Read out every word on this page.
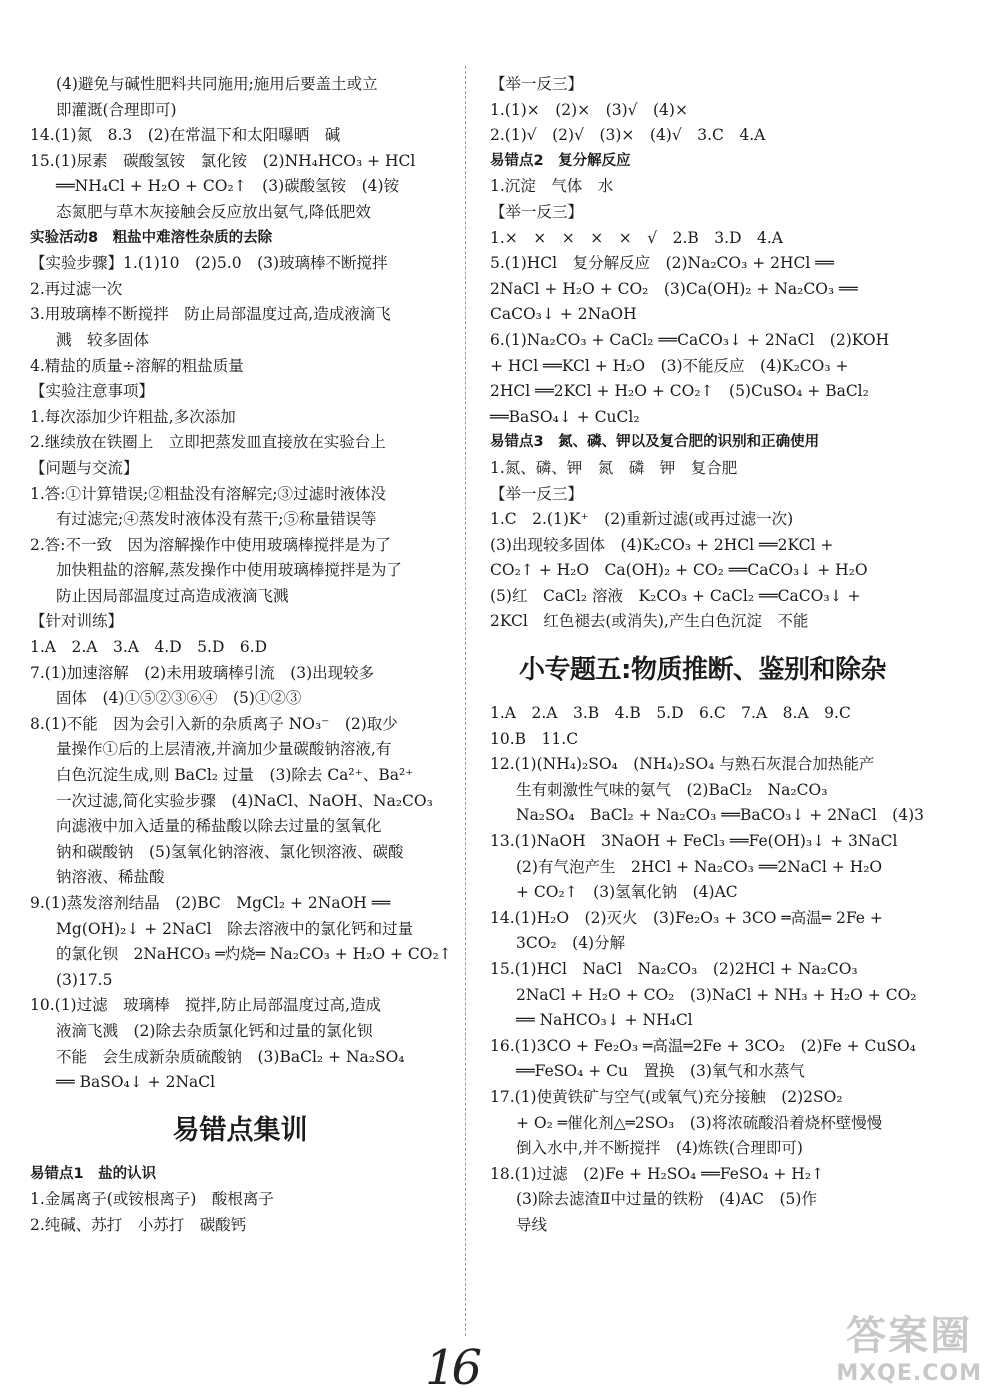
(4)避免与碱性肥料共同施用;施用后要盖土或立
即灌溉(合理即可)
14.(1)氮　8.3　(2)在常温下和太阳曝晒　碱
15.(1)尿素　碳酸氢铵　氯化铵　(2)NH₄HCO₃ + HCl
══NH₄Cl + H₂O + CO₂↑　(3)碳酸氢铵　(4)铵
态氮肥与草木灰接触会反应放出氨气,降低肥效
实验活动8　粗盐中难溶性杂质的去除
【实验步骤】1.(1)10　(2)5.0　(3)玻璃棒不断搅拌
2.再过滤一次
3.用玻璃棒不断搅拌　防止局部温度过高,造成液滴飞
溅　较多固体
4.精盐的质量÷溶解的粗盐质量
【实验注意事项】
1.每次添加少许粗盐,多次添加
2.继续放在铁圈上　立即把蒸发皿直接放在实验台上
【问题与交流】
1.答:①计算错误;②粗盐没有溶解完;③过滤时液体没
有过滤完;④蒸发时液体没有蒸干;⑤称量错误等
2.答:不一致　因为溶解操作中使用玻璃棒搅拌是为了
加快粗盐的溶解,蒸发操作中使用玻璃棒搅拌是为了
防止因局部温度过高造成液滴飞溅
【针对训练】
1.A　2.A　3.A　4.D　5.D　6.D
7.(1)加速溶解　(2)未用玻璃棒引流　(3)出现较多
固体　(4)①⑤②③⑥④　(5)①②③
8.(1)不能　因为会引入新的杂质离子 NO₃⁻　(2)取少
量操作①后的上层清液,并滴加少量碳酸钠溶液,有
白色沉淀生成,则 BaCl₂ 过量　(3)除去 Ca²⁺、Ba²⁺
一次过滤,简化实验步骤　(4)NaCl、NaOH、Na₂CO₃
向滤液中加入适量的稀盐酸以除去过量的氢氧化
钠和碳酸钠　(5)氢氧化钠溶液、氯化钡溶液、碳酸
钠溶液、稀盐酸
9.(1)蒸发溶剂结晶　(2)BC　MgCl₂ + 2NaOH ══
Mg(OH)₂↓ + 2NaCl　除去溶液中的氯化钙和过量
的氯化钡　2NaHCO₃ ═灼烧═ Na₂CO₃ + H₂O + CO₂↑
(3)17.5
10.(1)过滤　玻璃棒　搅拌,防止局部温度过高,造成
液滴飞溅　(2)除去杂质氯化钙和过量的氯化钡
不能　会生成新杂质硫酸钠　(3)BaCl₂ + Na₂SO₄
══ BaSO₄↓ + 2NaCl
易错点集训
易错点1　盐的认识
1.金属离子(或铵根离子)　酸根离子
2.纯碱、苏打　小苏打　碳酸钙
【举一反三】
1.(1)×　(2)×　(3)√　(4)×
2.(1)√　(2)√　(3)×　(4)√　3.C　4.A
易错点2　复分解反应
1.沉淀　气体　水
【举一反三】
1.×　×　×　×　×　√　2.B　3.D　4.A
5.(1)HCl　复分解反应　(2)Na₂CO₃ + 2HCl ══
2NaCl + H₂O + CO₂　(3)Ca(OH)₂ + Na₂CO₃ ══
CaCO₃↓ + 2NaOH
6.(1)Na₂CO₃ + CaCl₂ ══CaCO₃↓ + 2NaCl　(2)KOH
+ HCl ══KCl + H₂O　(3)不能反应　(4)K₂CO₃ +
2HCl ══2KCl + H₂O + CO₂↑　(5)CuSO₄ + BaCl₂
══BaSO₄↓ + CuCl₂
易错点3　氮、磷、钾以及复合肥的识别和正确使用
1.氮、磷、钾　氮　磷　钾　复合肥
【举一反三】
1.C　2.(1)K⁺　(2)重新过滤(或再过滤一次)
(3)出现较多固体　(4)K₂CO₃ + 2HCl ══2KCl +
CO₂↑ + H₂O　Ca(OH)₂ + CO₂ ══CaCO₃↓ + H₂O
(5)红　CaCl₂ 溶液　K₂CO₃ + CaCl₂ ══CaCO₃↓ +
2KCl　红色褪去(或消失),产生白色沉淀　不能
小专题五:物质推断、鉴别和除杂
1.A　2.A　3.B　4.B　5.D　6.C　7.A　8.A　9.C
10.B　11.C
12.(1)(NH₄)₂SO₄　(NH₄)₂SO₄ 与熟石灰混合加热能产
生有刺激性气味的氨气　(2)BaCl₂　Na₂CO₃
Na₂SO₄　BaCl₂ + Na₂CO₃ ══BaCO₃↓ + 2NaCl　(4)3
13.(1)NaOH　3NaOH + FeCl₃ ══Fe(OH)₃↓ + 3NaCl
(2)有气泡产生　2HCl + Na₂CO₃ ══2NaCl + H₂O
+ CO₂↑　(3)氢氧化钠　(4)AC
14.(1)H₂O　(2)灭火　(3)Fe₂O₃ + 3CO ═高温═ 2Fe +
3CO₂　(4)分解
15.(1)HCl　NaCl　Na₂CO₃　(2)2HCl + Na₂CO₃
2NaCl + H₂O + CO₂　(3)NaCl + NH₃ + H₂O + CO₂
══ NaHCO₃↓ + NH₄Cl
16.(1)3CO + Fe₂O₃ ═高温═2Fe + 3CO₂　(2)Fe + CuSO₄
══FeSO₄ + Cu　置换　(3)氧气和水蒸气
17.(1)使黄铁矿与空气(或氧气)充分接触　(2)2SO₂
+ O₂ ═催化剂△═2SO₃　(3)将浓硫酸沿着烧杯壁慢慢
倒入水中,并不断搅拌　(4)炼铁(合理即可)
18.(1)过滤　(2)Fe + H₂SO₄ ══FeSO₄ + H₂↑
(3)除去滤渣Ⅱ中过量的铁粉　(4)AC　(5)作
导线
16
答案圈
MXQE.COM
